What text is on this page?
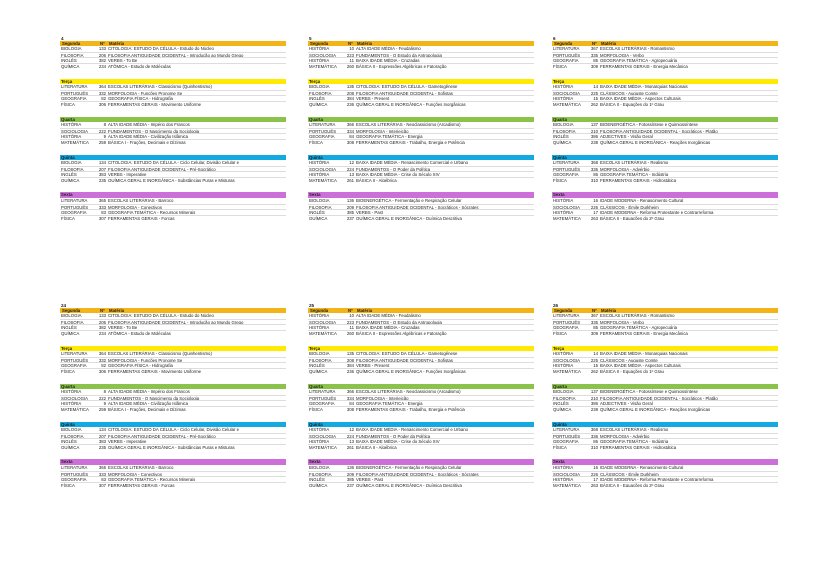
4
Segunda	Nº	Matéria
BIOLOGIA	133 CITOLOGIA: ESTUDO DA CÉLULA - Estudo do Núcleo
FILOSOFIA	206 FILOSOFIA ANTIGUIDADE OCIDENTAL - Introdução ao Mundo Grego
INGLÊS	382 VERBS - To Be
QUÍMICA	234 ATÔMICA - Estudo de Moléculas
Terça
LITERATURA	364 ESCOLAS LITERÁRIAS - Classicismo (Quinhentismo)
PORTUGUÊS	332 MORFOLOGIA - Funções Pronome Se
GEOGRAFIA	82 GEOGRAFIA FÍSICA - Hidrografia
FÍSICA	306 FERRAMENTAS GERAIS - Movimento Uniforme
Quarta
HISTÓRIA	8 ALTA IDADE MÉDIA - Império dos Francos
SOCIOLOGIA	222 FUNDAMENTOS - O Nascimento da Sociologia
HISTÓRIA	9 ALTA IDADE MÉDIA - Civilização Islâmica
MATEMÁTICA	259 BÁSICA I - Frações, Decimais e Dízimas
Quinta
BIOLOGIA	134 CITOLOGIA: ESTUDO DA CÉLULA - Ciclo Celular, Divisão Celular e
FILOSOFIA	207 FILOSOFIA ANTIGUIDADE OCIDENTAL - Pré-Socrático
INGLÊS	383 VERBS - Imperative
QUÍMICA	235 QUÍMICA GERAL E INORGÂNICA - Substâncias Puras e Misturas
Sexta
LITERATURA	365 ESCOLAS LITERÁRIAS - Barroco
PORTUGUÊS	333 MORFOLOGIA - Conectivos
GEOGRAFIA	83 GEOGRAFIA TEMÁTICA - Recursos Minerais
FÍSICA	307 FERRAMENTAS GERAIS - Forças
5
Segunda	Nº	Matéria
HISTÓRIA	10 ALTA IDADE MÉDIA - Feudalismo
SOCIOLOGIA	223 FUNDAMENTOS - O Estudo da Antropologia
HISTÓRIA	11 BAIXA IDADE MÉDIA - Cruzadas
MATEMÁTICA	260 BÁSICA II - Expressões Algébricas e Fatoração
Terça
BIOLOGIA	135 CITOLOGIA: ESTUDO DA CÉLULA - Gametogênese
FILOSOFIA	208 FILOSOFIA ANTIGUIDADE OCIDENTAL - Sofistas
INGLÊS	384 VERBS - Present
QUÍMICA	236 QUÍMICA GERAL E INORGÂNICA - Funções Inorgânicas
Quarta
LITERATURA	366 ESCOLAS LITERÁRIAS - Neoclassicismo (Arcadismo)
PORTUGUÊS	334 MORFOLOGIA - Interjeição
GEOGRAFIA	84 GEOGRAFIA TEMÁTICA - Energia
FÍSICA	308 FERRAMENTAS GERAIS - Trabalho, Energia e Potência
Quinta
HISTÓRIA	12 BAIXA IDADE MÉDIA - Renascimento Comercial e Urbano
SOCIOLOGIA	224 FUNDAMENTOS - O Poder da Política
HISTÓRIA	13 BAIXA IDADE MÉDIA - Crise do Século XIV
MATEMÁTICA	261 BÁSICA II - Algébrica
Sexta
BIOLOGIA	136 BIOENERGÉTICA - Fermentação e Respiração Celular
FILOSOFIA	209 FILOSOFIA ANTIGUIDADE OCIDENTAL - Socráticos - Sócrates
INGLÊS	385 VERBS - Past
QUÍMICA	237 QUÍMICA GERAL E INORGÂNICA - Química Descritiva
6
Segunda	Nº	Matéria
LITERATURA	367 ESCOLAS LITERÁRIAS - Romantismo
PORTUGUÊS	335 MORFOLOGIA - Verbo
GEOGRAFIA	85 GEOGRAFIA TEMÁTICA - Agropecuária
FÍSICA	309 FERRAMENTAS GERAIS - Energia Mecânica
Terça
HISTÓRIA	14 BAIXA IDADE MÉDIA - Monarquias Nacionais
SOCIOLOGIA	225 CLÁSSICOS - Auguste Comte
HISTÓRIA	15 BAIXA IDADE MÉDIA - Aspectos Culturais
MATEMÁTICA	262 BÁSICA II - Equações do 1º Grau
Quarta
BIOLOGIA	137 BIOENERGÉTICA - Fotossíntese e Quimiossíntese
FILOSOFIA	210 FILOSOFIA ANTIGUIDADE OCIDENTAL - Socráticos - Platão
INGLÊS	386 ADJECTIVES - Visão Geral
QUÍMICA	238 QUÍMICA GERAL E INORGÂNICA - Reações Inorgânicas
Quinta
LITERATURA	368 ESCOLAS LITERÁRIAS - Realismo
PORTUGUÊS	336 MORFOLOGIA - Advérbio
GEOGRAFIA	86 GEOGRAFIA TEMÁTICA - Indústria
FÍSICA	310 FERRAMENTAS GERAIS - Hidrostática
Sexta
HISTÓRIA	16 IDADE MODERNA - Renascimento Cultural
SOCIOLOGIA	226 CLÁSSICOS - Émile Durkheim
HISTÓRIA	17 IDADE MODERNA - Reforma Protestante e Contrarreforma
MATEMÁTICA	263 BÁSICA II - Equações do 2º Grau
24
Segunda	Nº	Matéria
BIOLOGIA	133 CITOLOGIA: ESTUDO DA CÉLULA - Estudo do Núcleo
FILOSOFIA	206 FILOSOFIA ANTIGUIDADE OCIDENTAL - Introdução ao Mundo Grego
INGLÊS	382 VERBS - To Be
QUÍMICA	234 ATÔMICA - Estudo de Moléculas
Terça
LITERATURA	364 ESCOLAS LITERÁRIAS - Classicismo (Quinhentismo)
PORTUGUÊS	332 MORFOLOGIA - Funções Pronome Se
GEOGRAFIA	82 GEOGRAFIA FÍSICA - Hidrografia
FÍSICA	306 FERRAMENTAS GERAIS - Movimento Uniforme
Quarta
HISTÓRIA	8 ALTA IDADE MÉDIA - Império dos Francos
SOCIOLOGIA	222 FUNDAMENTOS - O Nascimento da Sociologia
HISTÓRIA	9 ALTA IDADE MÉDIA - Civilização Islâmica
MATEMÁTICA	259 BÁSICA I - Frações, Decimais e Dízimas
Quinta
BIOLOGIA	134 CITOLOGIA: ESTUDO DA CÉLULA - Ciclo Celular, Divisão Celular e
FILOSOFIA	207 FILOSOFIA ANTIGUIDADE OCIDENTAL - Pré-Socrático
INGLÊS	383 VERBS - Imperative
QUÍMICA	235 QUÍMICA GERAL E INORGÂNICA - Substâncias Puras e Misturas
Sexta
LITERATURA	365 ESCOLAS LITERÁRIAS - Barroco
PORTUGUÊS	333 MORFOLOGIA - Conectivos
GEOGRAFIA	83 GEOGRAFIA TEMÁTICA - Recursos Minerais
FÍSICA	307 FERRAMENTAS GERAIS - Forças
25
Segunda	Nº	Matéria
HISTÓRIA	10 ALTA IDADE MÉDIA - Feudalismo
SOCIOLOGIA	223 FUNDAMENTOS - O Estudo da Antropologia
HISTÓRIA	11 BAIXA IDADE MÉDIA - Cruzadas
MATEMÁTICA	260 BÁSICA II - Expressões Algébricas e Fatoração
Terça
BIOLOGIA	135 CITOLOGIA: ESTUDO DA CÉLULA - Gametogênese
FILOSOFIA	208 FILOSOFIA ANTIGUIDADE OCIDENTAL - Sofistas
INGLÊS	384 VERBS - Present
QUÍMICA	236 QUÍMICA GERAL E INORGÂNICA - Funções Inorgânicas
Quarta
LITERATURA	366 ESCOLAS LITERÁRIAS - Neoclassicismo (Arcadismo)
PORTUGUÊS	334 MORFOLOGIA - Interjeição
GEOGRAFIA	84 GEOGRAFIA TEMÁTICA - Energia
FÍSICA	308 FERRAMENTAS GERAIS - Trabalho, Energia e Potência
Quinta
HISTÓRIA	12 BAIXA IDADE MÉDIA - Renascimento Comercial e Urbano
SOCIOLOGIA	224 FUNDAMENTOS - O Poder da Política
HISTÓRIA	13 BAIXA IDADE MÉDIA - Crise do Século XIV
MATEMÁTICA	261 BÁSICA II - Algébrica
Sexta
BIOLOGIA	136 BIOENERGÉTICA - Fermentação e Respiração Celular
FILOSOFIA	209 FILOSOFIA ANTIGUIDADE OCIDENTAL - Socráticos - Sócrates
INGLÊS	385 VERBS - Past
QUÍMICA	237 QUÍMICA GERAL E INORGÂNICA - Química Descritiva
26
Segunda	Nº	Matéria
LITERATURA	367 ESCOLAS LITERÁRIAS - Romantismo
PORTUGUÊS	335 MORFOLOGIA - Verbo
GEOGRAFIA	85 GEOGRAFIA TEMÁTICA - Agropecuária
FÍSICA	309 FERRAMENTAS GERAIS - Energia Mecânica
Terça
HISTÓRIA	14 BAIXA IDADE MÉDIA - Monarquias Nacionais
SOCIOLOGIA	225 CLÁSSICOS - Auguste Comte
HISTÓRIA	15 BAIXA IDADE MÉDIA - Aspectos Culturais
MATEMÁTICA	262 BÁSICA II - Equações do 1º Grau
Quarta
BIOLOGIA	137 BIOENERGÉTICA - Fotossíntese e Quimiossíntese
FILOSOFIA	210 FILOSOFIA ANTIGUIDADE OCIDENTAL - Socráticos - Platão
INGLÊS	386 ADJECTIVES - Visão Geral
QUÍMICA	238 QUÍMICA GERAL E INORGÂNICA - Reações Inorgânicas
Quinta
LITERATURA	368 ESCOLAS LITERÁRIAS - Realismo
PORTUGUÊS	336 MORFOLOGIA - Advérbio
GEOGRAFIA	86 GEOGRAFIA TEMÁTICA - Indústria
FÍSICA	310 FERRAMENTAS GERAIS - Hidrostática
Sexta
HISTÓRIA	16 IDADE MODERNA - Renascimento Cultural
SOCIOLOGIA	226 CLÁSSICOS - Émile Durkheim
HISTÓRIA	17 IDADE MODERNA - Reforma Protestante e Contrarreforma
MATEMÁTICA	263 BÁSICA II - Equações do 2º Grau
